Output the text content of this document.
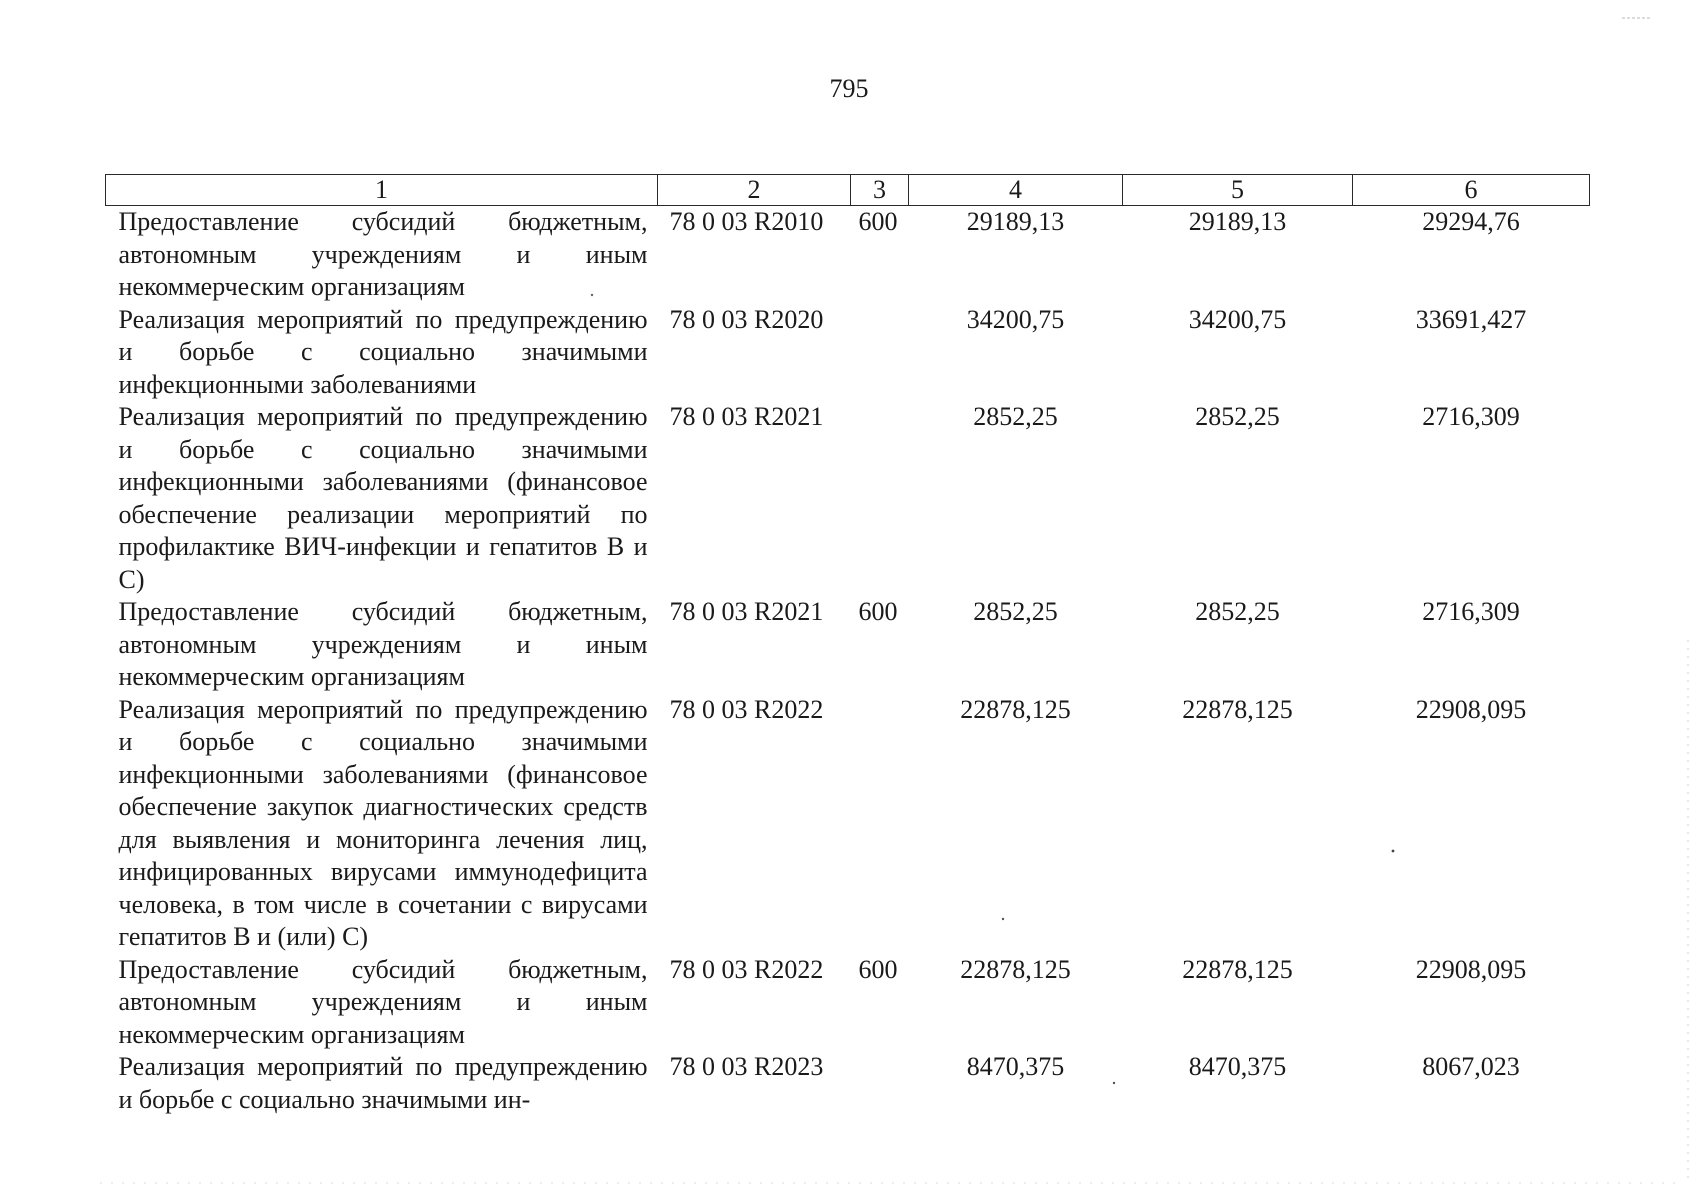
795
1	2	3	4	5	6
Предоставление субсидий бюджетным, автономным учреждениям и иным некоммерческим организациям	78 0 03 R2010	600	29189,13	29189,13	29294,76
Реализация мероприятий по предупреждению и борьбе с социально значимыми инфекционными заболеваниями	78 0 03 R2020		34200,75	34200,75	33691,427
Реализация мероприятий по предупреждению и борьбе с социально значимыми инфекционными заболеваниями (финансовое обеспечение реализации мероприятий по профилактике ВИЧ-инфекции и гепатитов В и С)	78 0 03 R2021		2852,25	2852,25	2716,309
Предоставление субсидий бюджетным, автономным учреждениям и иным некоммерческим организациям	78 0 03 R2021	600	2852,25	2852,25	2716,309
Реализация мероприятий по предупреждению и борьбе с социально значимыми инфекционными заболеваниями (финансовое обеспечение закупок диагностических средств для выявления и мониторинга лечения лиц, инфицированных вирусами иммунодефицита человека, в том числе в сочетании с вирусами гепатитов В и (или) С)	78 0 03 R2022		22878,125	22878,125	22908,095
Предоставление субсидий бюджетным, автономным учреждениям и иным некоммерческим организациям	78 0 03 R2022	600	22878,125	22878,125	22908,095
Реализация мероприятий по предупреждению и борьбе с социально значимыми ин-	78 0 03 R2023		8470,375	8470,375	8067,023
